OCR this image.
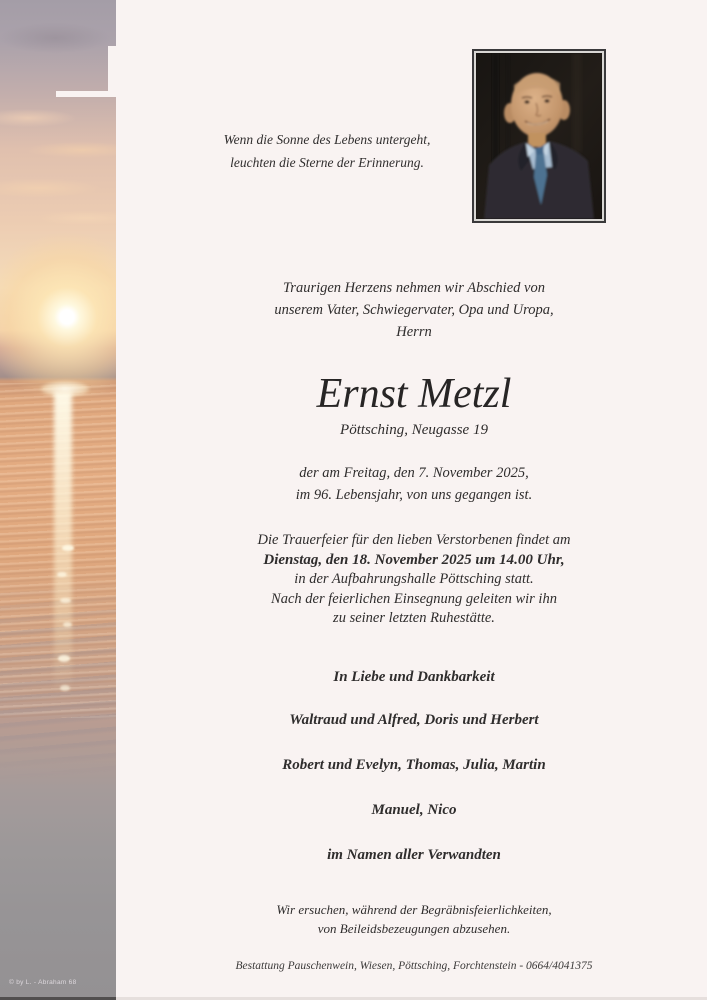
© by L. - Abraham 68
Wenn die Sonne des Lebens untergeht,
leuchten die Sterne der Erinnerung.
Traurigen Herzens nehmen wir Abschied von
unserem Vater, Schwiegervater, Opa und Uropa,
Herrn
Ernst Metzl
Pöttsching, Neugasse 19
der am Freitag, den 7. November 2025,
im 96. Lebensjahr, von uns gegangen ist.
Die Trauerfeier für den lieben Verstorbenen findet am
Dienstag, den 18. November 2025 um 14.00 Uhr,
in der Aufbahrungshalle Pöttsching statt.
Nach der feierlichen Einsegnung geleiten wir ihn
zu seiner letzten Ruhestätte.
In Liebe und Dankbarkeit
Waltraud und Alfred, Doris und Herbert
Robert und Evelyn, Thomas, Julia, Martin
Manuel, Nico
im Namen aller Verwandten
Wir ersuchen, während der Begräbnisfeierlichkeiten,
von Beileidsbezeugungen abzusehen.
Bestattung Pauschenwein, Wiesen, Pöttsching, Forchtenstein - 0664/4041375
